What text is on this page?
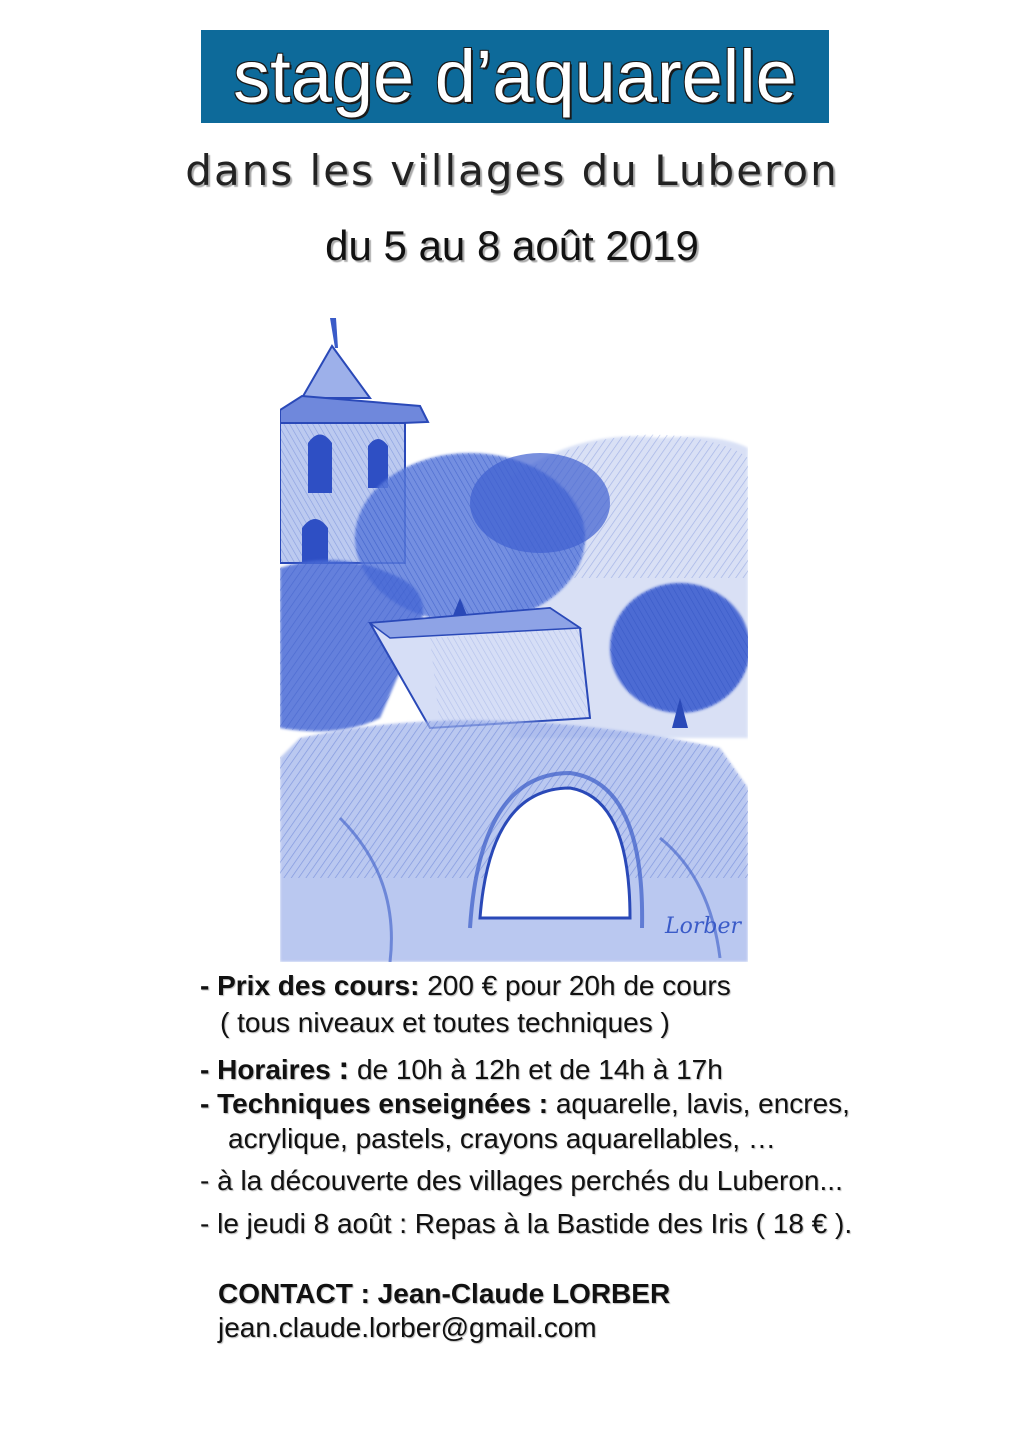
stage d’aquarelle
dans les villages du Luberon
du 5 au 8 août 2019
Lorber
- Prix des cours: 200 € pour 20h de cours
( tous niveaux et toutes techniques )
- Horaires : de 10h à 12h et de 14h à 17h
- Techniques enseignées : aquarelle, lavis, encres,
acrylique, pastels, crayons aquarellables, …
- à la découverte des villages perchés du Luberon...
- le jeudi 8 août : Repas à la Bastide des Iris ( 18 € ).
CONTACT : Jean-Claude LORBER
jean.claude.lorber@gmail.com
